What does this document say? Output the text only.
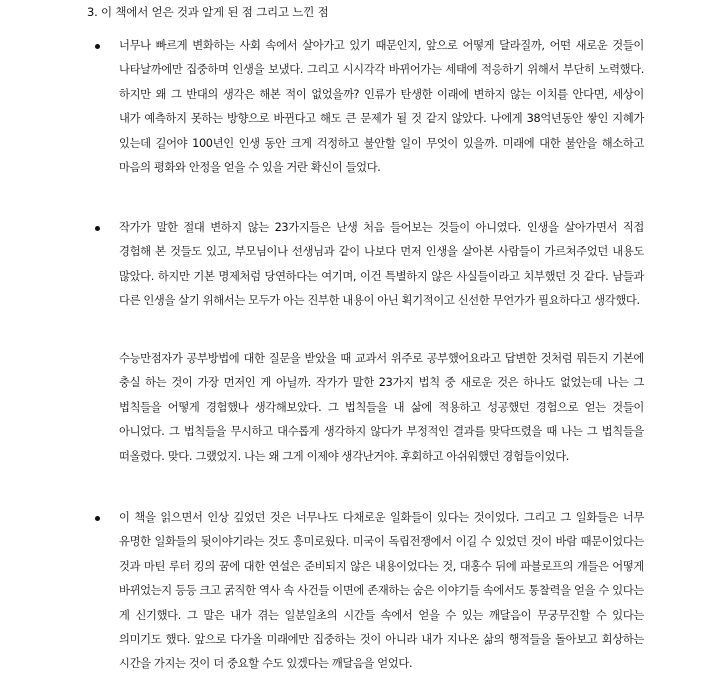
3. 이 책에서 얻은 것과 알게 된 점 그리고 느낀 점

너무나 빠르게 변화하는 사회 속에서 살아가고 있기 때문인지, 앞으로 어떻게 달라질까, 어떤 새로운 것들이 나타날까에만 집중하며 인생을 보냈다. 그리고 시시각각 바뀌어가는 세태에 적응하기 위해서 부단히 노력했다. 하지만 왜 그 반대의 생각은 해본 적이 없었을까? 인류가 탄생한 이래에 변하지 않는 이치를 안다면, 세상이 내가 예측하지 못하는 방향으로 바뀐다고 해도 큰 문제가 될 것 같지 않았다. 나에게 38억년동안 쌓인 지혜가 있는데 길어야 100년인 인생 동안 크게 걱정하고 불안할 일이 무엇이 있을까. 미래에 대한 불안을 해소하고 마음의 평화와 안정을 얻을 수 있을 거란 확신이 들었다.

작가가 말한 절대 변하지 않는 23가지들은 난생 처음 들어보는 것들이 아니였다. 인생을 살아가면서 직접 경험해 본 것들도 있고, 부모님이나 선생님과 같이 나보다 먼저 인생을 살아본 사람들이 가르쳐주었던 내용도 많았다. 하지만 기본 명제처럼 당연하다는 여기며, 이건 특별하지 않은 사실들이라고 치부했던 것 같다. 남들과 다른 인생을 살기 위해서는 모두가 아는 진부한 내용이 아닌 획기적이고 신선한 무언가가 필요하다고 생각했다.

수능만점자가 공부방법에 대한 질문을 받았을 때 교과서 위주로 공부했어요라고 답변한 것처럼 뭐든지 기본에 충실 하는 것이 가장 먼저인 게 아닐까. 작가가 말한 23가지 법칙 중 새로운 것은 하나도 없었는데 나는 그 법칙들을 어떻게 경험했나 생각해보았다. 그 법칙들을 내 삶에 적용하고 성공했던 경험으로 얻는 것들이 아니었다. 그 법칙들을 무시하고 대수롭게 생각하지 않다가 부정적인 결과를 맞닥뜨렸을 때 나는 그 법칙들을 떠올렸다. 맞다. 그랬었지. 나는 왜 그게 이제야 생각난거야. 후회하고 아쉬워했던 경험들이었다.

이 책을 읽으면서 인상 깊었던 것은 너무나도 다채로운 일화들이 있다는 것이었다. 그리고 그 일화들은 너무 유명한 일화들의 뒷이야기라는 것도 흥미로웠다. 미국이 독립전쟁에서 이길 수 있었던 것이 바람 때문이었다는 것과 마틴 루터 킹의 꿈에 대한 연설은 준비되지 않은 내용이었다는 것, 대홍수 뒤에 파블로프의 개들은 어떻게 바뀌었는지 등등 크고 굵직한 역사 속 사건들 이면에 존재하는 숨은 이야기들 속에서도 통찰력을 얻을 수 있다는 게 신기했다. 그 말은 내가 겪는 일분일초의 시간들 속에서 얻을 수 있는 깨달음이 무궁무진할 수 있다는 의미기도 했다. 앞으로 다가올 미래에만 집중하는 것이 아니라 내가 지나온 삶의 행적들을 돌아보고 회상하는 시간을 가지는 것이 더 중요할 수도 있겠다는 깨달음을 얻었다.
